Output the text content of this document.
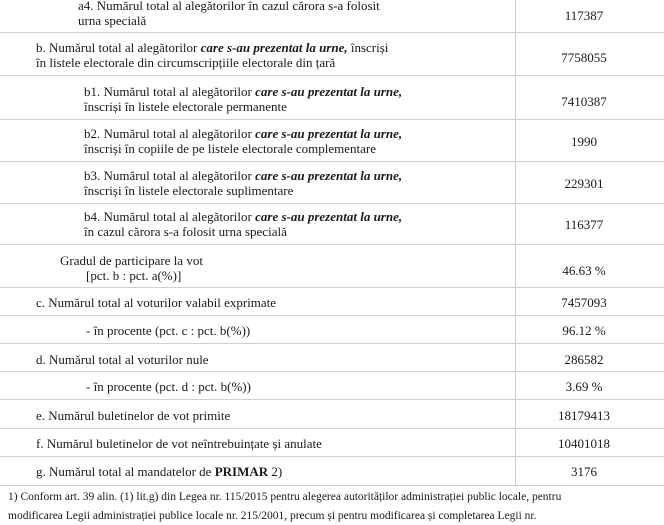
a4. Numărul total al alegătorilor în cazul cărora s-a folosit
urna specială	117387
b. Numărul total al alegătorilor care s-au prezentat la urne, înscriși
în listele electorale din circumscripțiile electorale din țară	7758055
b1. Numărul total al alegătorilor care s-au prezentat la urne,
înscriși în listele electorale permanente	7410387
b2. Numărul total al alegătorilor care s-au prezentat la urne,
înscriși în copiile de pe listele electorale complementare	1990
b3. Numărul total al alegătorilor care s-au prezentat la urne,
înscriși în listele electorale suplimentare	229301
b4. Numărul total al alegătorilor care s-au prezentat la urne,
în cazul cărora s-a folosit urna specială	116377
Gradul de participare la vot
[pct. b : pct. a(%)]	46.63 %
c. Numărul total al voturilor valabil exprimate	7457093
- în procente (pct. c : pct. b(%))	96.12 %
d. Numărul total al voturilor nule	286582
- în procente (pct. d : pct. b(%))	3.69 %
e. Numărul buletinelor de vot primite	18179413
f. Numărul buletinelor de vot neîntrebuințate și anulate	10401018
g. Numărul total al mandatelor de PRIMAR 2)	3176
1) Conform art. 39 alin. (1) lit.g) din Legea nr. 115/2015 pentru alegerea autorităților administrației public locale, pentru
modificarea Legii administrației publice locale nr. 215/2001, precum și pentru modificarea și completarea Legii nr.
